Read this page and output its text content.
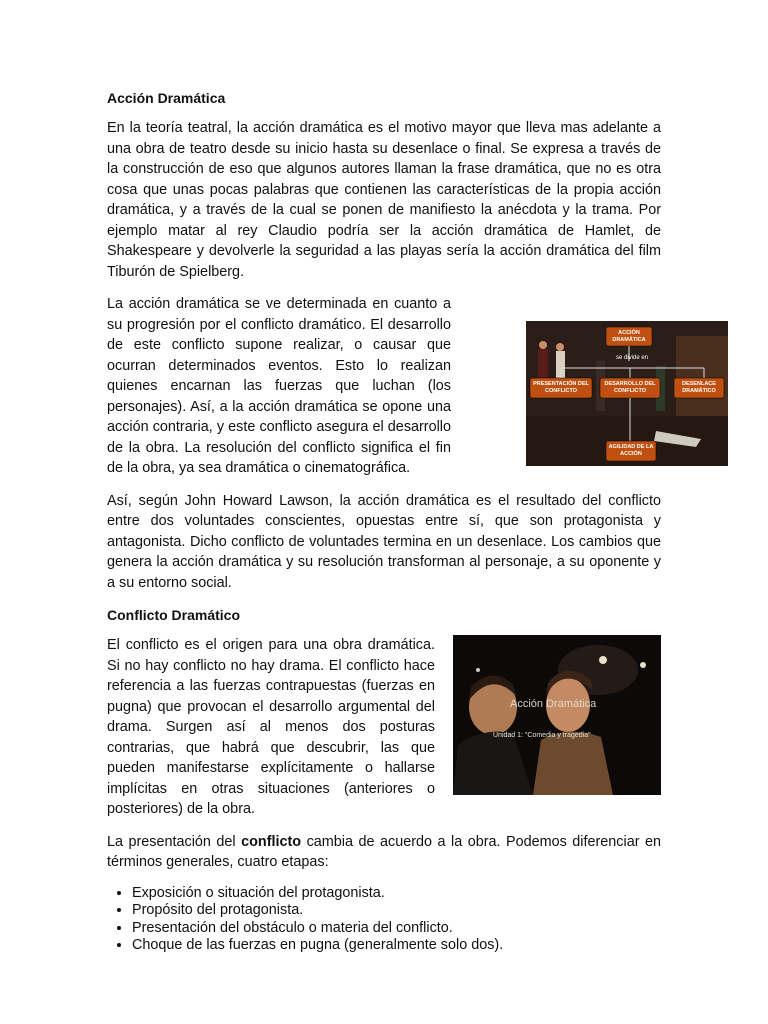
Acción Dramática

En la teoría teatral, la acción dramática es el motivo mayor que lleva mas adelante a una obra de teatro desde su inicio hasta su desenlace o final. Se expresa a través de la construcción de eso que algunos autores llaman la frase dramática, que no es otra cosa que unas pocas palabras que contienen las características de la propia acción dramática, y a través de la cual se ponen de manifiesto la anécdota y la trama. Por ejemplo matar al rey Claudio podría ser la acción dramática de Hamlet, de Shakespeare y devolverle la seguridad a las playas sería la acción dramática del film Tiburón de Spielberg.

La acción dramática se ve determinada en cuanto a su progresión por el conflicto dramático. El desarrollo de este conflicto supone realizar, o causar que ocurran determinados eventos. Esto lo realizan quienes encarnan las fuerzas que luchan (los personajes). Así, a la acción dramática se opone una acción contraria, y este conflicto asegura el desarrollo de la obra. La resolución del conflicto significa el fin de la obra, ya sea dramática o cinematográfica.

Así, según John Howard Lawson, la acción dramática es el resultado del conflicto entre dos voluntades conscientes, opuestas entre sí, que son protagonista y antagonista. Dicho conflicto de voluntades termina en un desenlace. Los cambios que genera la acción dramática y su resolución transforman al personaje, a su oponente y a su entorno social.

Conflicto Dramático
Acción Dramática
Unidad 1: "Comedia y tragedia"

El conflicto es el origen para una obra dramática. Si no hay conflicto no hay drama. El conflicto hace referencia a las fuerzas contrapuestas (fuerzas en pugna) que provocan el desarrollo argumental del drama. Surgen así al menos dos posturas contrarias, que habrá que descubrir, las que pueden manifestarse explícitamente o hallarse implícitas en otras situaciones (anteriores o posteriores) de la obra.

La presentación del conflicto cambia de acuerdo a la obra. Podemos diferenciar en términos generales, cuatro etapas:

• Exposición o situación del protagonista.
• Propósito del protagonista.
• Presentación del obstáculo o materia del conflicto.
• Choque de las fuerzas en pugna (generalmente solo dos).
ACCIÓN DRAMÁTICA
se divide en
PRESENTACIÓN DEL CONFLICTO
DESARROLLO DEL CONFLICTO
DESENLACE DRAMÁTICO
AGILIDAD DE LA ACCIÓN
